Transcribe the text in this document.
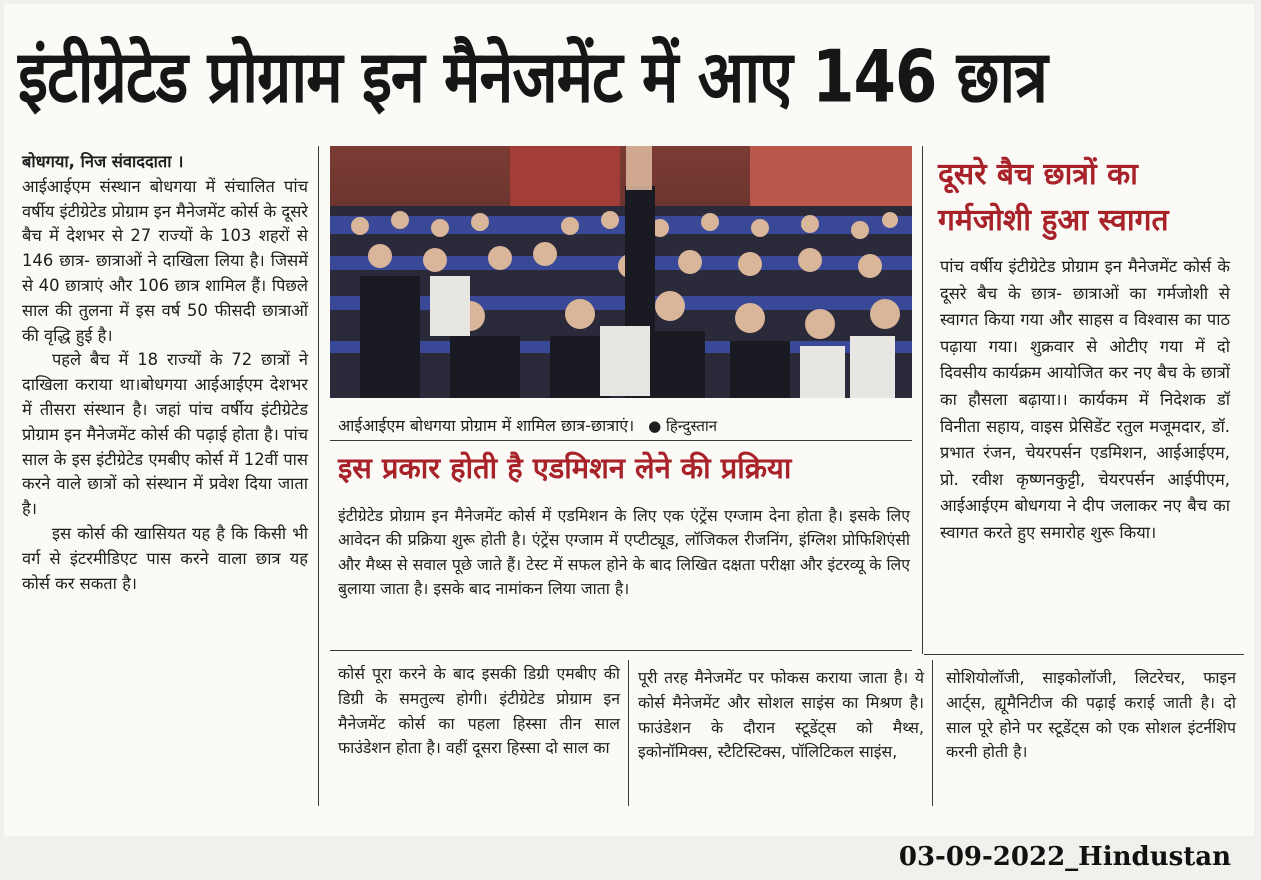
इंटीग्रेटेड प्रोग्राम इन मैनेजमेंट में आए 146 छात्र

बोधगया, निज संवाददाता ।

आईआईएम संस्थान बोधगया में संचालित पांच वर्षीय इंटीग्रेटेड प्रोग्राम इन मैनेजमेंट कोर्स के दूसरे बैच में देशभर से 27 राज्यों के 103 शहरों से 146 छात्र- छात्राओं ने दाखिला लिया है। जिसमें से 40 छात्राएं और 106 छात्र शामिल हैं। पिछले साल की तुलना में इस वर्ष 50 फीसदी छात्राओं की वृद्धि हुई है।

पहले बैच में 18 राज्यों के 72 छात्रों ने दाखिला कराया था।बोधगया आईआईएम देशभर में तीसरा संस्थान है। जहां पांच वर्षीय इंटीग्रेटेड प्रोग्राम इन मैनेजमेंट कोर्स की पढ़ाई होता है। पांच साल के इस इंटीग्रेटेड एमबीए कोर्स में 12वीं पास करने वाले छात्रों को संस्थान में प्रवेश दिया जाता है।

इस कोर्स की खासियत यह है कि किसी भी वर्ग से इंटरमीडिएट पास करने वाला छात्र यह कोर्स कर सकता है।

आईआईएम बोधगया प्रोग्राम में शामिल छात्र-छात्राएं। ● हिन्दुस्तान
इस प्रकार होती है एडमिशन लेने की प्रक्रिया
इंटीग्रेटेड प्रोग्राम इन मैनेजमेंट कोर्स में एडमिशन के लिए एक एंट्रेंस एग्जाम देना होता है। इसके लिए आवेदन की प्रक्रिया शुरू होती है। एंट्रेंस एग्जाम में एप्टीट्यूड, लॉजिकल रीजनिंग, इंग्लिश प्रोफिशिएंसी और मैथ्स से सवाल पूछे जाते हैं। टेस्ट में सफल होने के बाद लिखित दक्षता परीक्षा और इंटरव्यू के लिए बुलाया जाता है। इसके बाद नामांकन लिया जाता है।
दूसरे बैच छात्रों का गर्मजोशी हुआ स्वागत
पांच वर्षीय इंटीग्रेटेड प्रोग्राम इन मैनेजमेंट कोर्स के दूसरे बैच के छात्र- छात्राओं का गर्मजोशी से स्वागत किया गया और साहस व विश्वास का पाठ पढ़ाया गया। शुक्रवार से ओटीए गया में दो दिवसीय कार्यक्रम आयोजित कर नए बैच के छात्रों का हौसला बढ़ाया।। कार्यकम में निदेशक डॉ विनीता सहाय, वाइस प्रेसिडेंट रतुल मजूमदार, डॉ. प्रभात रंजन, चेयरपर्सन एडमिशन, आईआईएम, प्रो. रवीश कृष्णनकुट्टी, चेयरपर्सन आईपीएम, आईआईएम बोधगया ने दीप जलाकर नए बैच का स्वागत करते हुए समारोह शुरू किया।
कोर्स पूरा करने के बाद इसकी डिग्री एमबीए की डिग्री के समतुल्य होगी। इंटीग्रेटेड प्रोग्राम इन मैनेजमेंट कोर्स का पहला हिस्सा तीन साल फाउंडेशन होता है। वहीं दूसरा हिस्सा दो साल का
पूरी तरह मैनेजमेंट पर फोकस कराया जाता है। ये कोर्स मैनेजमेंट और सोशल साइंस का मिश्रण है। फाउंडेशन के दौरान स्टूडेंट्स को मैथ्स, इकोनॉमिक्स, स्टैटिस्टिक्स, पॉलिटिकल साइंस,
सोशियोलॉजी, साइकोलॉजी, लिटरेचर, फाइन आर्ट्स, ह्यूमैनिटीज की पढ़ाई कराई जाती है। दो साल पूरे होने पर स्टूडेंट्स को एक सोशल इंटर्नशिप करनी होती है।
03-09-2022_Hindustan
